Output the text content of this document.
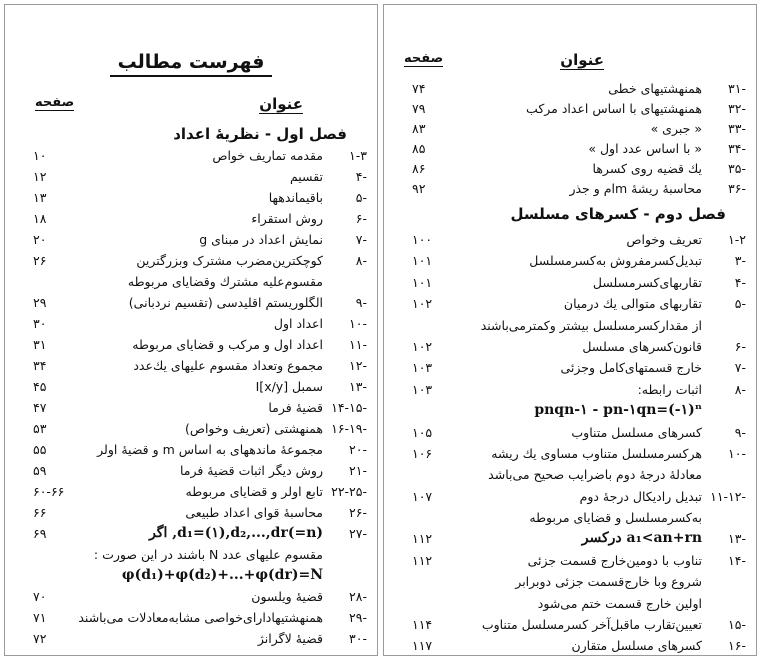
فهرست مطالب
عنوان
صفحه
فصل اول - نظریهٔ اعداد
۱-۳
مقدمه تماریف خواص
۱۰
-۴
تقسیم
۱۲
-۵
باقیماندهها
۱۳
-۶
روش استقراء
۱۸
-۷
نمایش اعداد در مبنای g
۲۰
-۸
کوچکترین‌مضرب مشترک وبزرگترین
۲۶
مقسوم‌علیه مشترك وقضایای مربوطه
-۹
الگلوریستم اقلیدسی (تقسیم نردبانی)
۲۹
-۱۰
اعداد اول
۳۰
-۱۱
اعداد اول و مرکب و قضایای مربوطه
۳۱
-۱۲
مجموع وتعداد مقسوم علیهای یك‌عدد
۳۴
-۱۳
سمبل [I[x/y
۴۵
-۱۴-۱۵
قضیهٔ فرما
۴۷
-۱۶-۱۹
همنهشتی (تعریف وخواص)
۵۳
-۲۰
مجموعهٔ ماندههای به اساس m و قضیهٔ اولر
۵۵
-۲۱
روش دیگر اثبات قضیهٔ فرما
۵۹
-۲۲-۲۵
تابع اولر و قضایای مربوطه
۶۰-۶۶
-۲۶
محاسبهٔ قوای اعداد طبیعی
۶۶
-۲۷
اگر ,d₁=(۱),d₂,...,dr(=n)
۶۹
مقسوم علیهای عدد N باشند در این صورت :
φ(d₁)+φ(d₂)+...+φ(dr)=N
-۲۸
قضیهٔ ویلسون
۷۰
-۲۹
همنهشتیهادارای‌خواصی مشابه‌معادلات می‌باشند
۷۱
-۳۰
قضیهٔ لاگرانژ
۷۲
عنوان
صفحه
-۳۱
همنهشتیهای خطی
۷۴
-۳۲
همنهشتیهای با اساس اعداد مرکب
۷۹
-۳۳
« جبری »
۸۳
-۳۴
« با اساس عدد اول »
۸۵
-۳۵
یك قضیه روی کسرها
۸۶
-۳۶
محاسبهٔ ریشهٔ mام و جذر
۹۲
فصل دوم - کسرهای مسلسل
۱-۲
تعریف وخواص
۱۰۰
-۳
تبدیل‌کسرمفروش به‌کسرمسلسل
۱۰۱
-۴
تقاربهای‌کسرمسلسل
۱۰۱
-۵
تقاربهای متوالی یك درمیان
۱۰۲
از مقدار‌کسرمسلسل بیشتر وکمترمی‌باشند
-۶
قانون‌کسرهای مسلسل
۱۰۲
-۷
خارج قسمتهای‌کامل وجزئی
۱۰۳
-۸
اثبات رابطه:
۱۰۳
pnqn-۱ - pn-۱qn=(-۱)ⁿ
-۹
کسرهای مسلسل متناوب
۱۰۵
-۱۰
هر‌کسرمسلسل متناوب مساوی یك ریشه
۱۰۶
معادلهٔ درجهٔ دوم با‌ضرایب صحیح می‌باشد
-۱۱-۱۲
تبدیل رادیکال درجهٔ دوم
۱۰۷
به‌کسرمسلسل و قضایای مربوطه
-۱۳
درکسر a₁<an+rn
۱۱۲
-۱۴
تناوب با دومین‌خارج قسمت جزئی
۱۱۲
شروع وبا خارج‌قسمت جزئی دوبرابر
اولین خارج قسمت ختم می‌شود
-۱۵
تعیین‌تقارب ماقبل‌آخر کسرمسلسل متناوب
۱۱۴
-۱۶
کسرهای مسلسل متقارن
۱۱۷
